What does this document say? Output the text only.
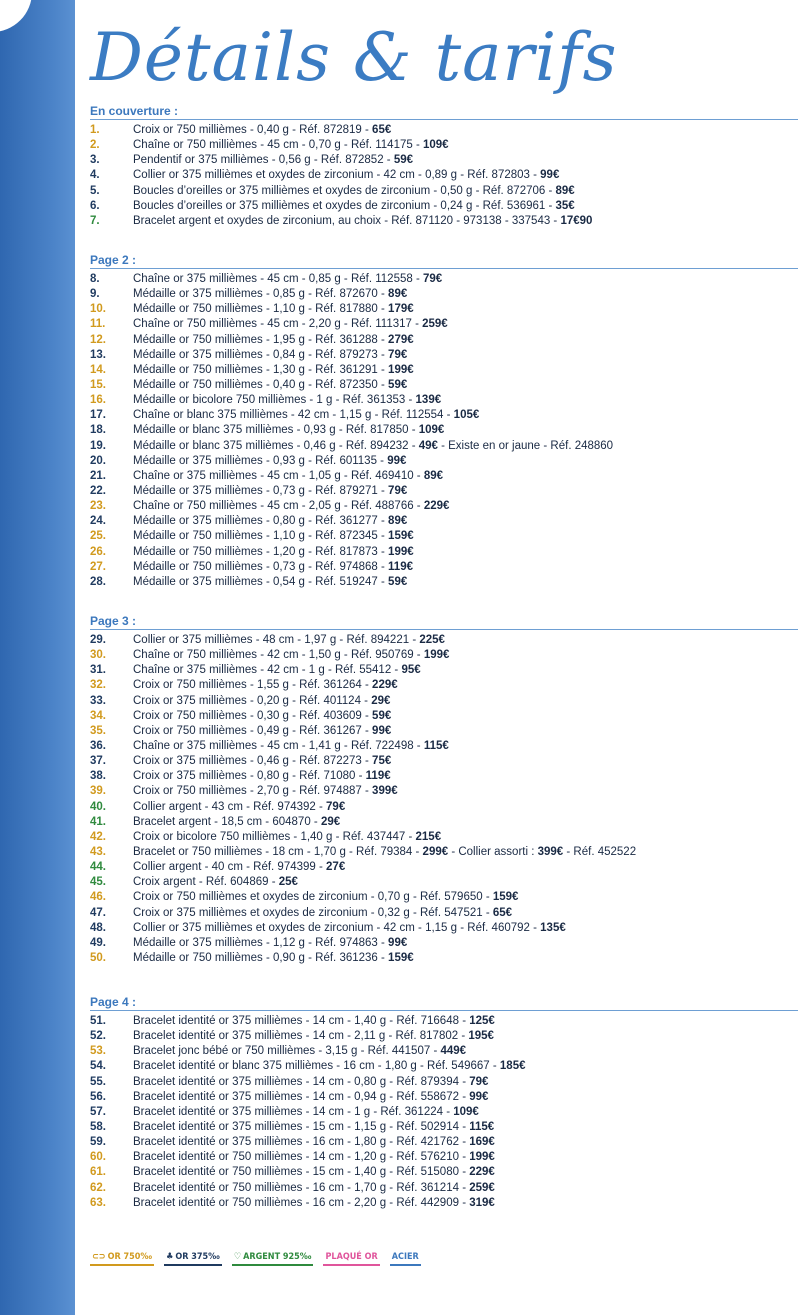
Détails & tarifs
En couverture :
1.	Croix or 750 millièmes - 0,40 g - Réf. 872819 - 65€
2.	Chaîne or 750 millièmes - 45 cm - 0,70 g - Réf. 114175 - 109€
3.	Pendentif or 375 millièmes - 0,56 g - Réf. 872852 - 59€
4.	Collier or 375 millièmes et oxydes de zirconium - 42 cm - 0,89 g - Réf. 872803 - 99€
5.	Boucles d’oreilles or 375 millièmes et oxydes de zirconium - 0,50 g - Réf. 872706 - 89€
6.	Boucles d’oreilles or 375 millièmes et oxydes de zirconium - 0,24 g - Réf. 536961 - 35€
7.	Bracelet argent et oxydes de zirconium, au choix - Réf. 871120 - 973138 - 337543 - 17€90
Page 2 :
8.	Chaîne or 375 millièmes - 45 cm - 0,85 g - Réf. 112558 - 79€
9.	Médaille or 375 millièmes - 0,85 g - Réf. 872670 - 89€
10. Médaille or 750 millièmes - 1,10 g - Réf. 817880 - 179€
11. Chaîne or 750 millièmes - 45 cm - 2,20 g - Réf. 111317 - 259€
12. Médaille or 750 millièmes - 1,95 g - Réf. 361288 - 279€
13. Médaille or 375 millièmes - 0,84 g - Réf. 879273 - 79€
14. Médaille or 750 millièmes - 1,30 g - Réf. 361291 - 199€
15. Médaille or 750 millièmes - 0,40 g - Réf. 872350 - 59€
16. Médaille or bicolore 750 millièmes - 1 g - Réf. 361353 - 139€
17. Chaîne or blanc 375 millièmes - 42 cm - 1,15 g - Réf. 112554 - 105€
18. Médaille or blanc 375 millièmes - 0,93 g - Réf. 817850 - 109€
19. Médaille or blanc 375 millièmes - 0,46 g - Réf. 894232 - 49€ - Existe en or jaune - Réf. 248860
20. Médaille or 375 millièmes - 0,93 g - Réf. 601135 - 99€
21. Chaîne or 375 millièmes - 45 cm - 1,05 g - Réf. 469410 - 89€
22. Médaille or 375 millièmes - 0,73 g - Réf. 879271 - 79€
23. Chaîne or 750 millièmes - 45 cm - 2,05 g - Réf. 488766 - 229€
24. Médaille or 375 millièmes - 0,80 g - Réf. 361277 - 89€
25. Médaille or 750 millièmes - 1,10 g - Réf. 872345 - 159€
26. Médaille or 750 millièmes - 1,20 g - Réf. 817873 - 199€
27. Médaille or 750 millièmes - 0,73 g - Réf. 974868 - 119€
28. Médaille or 375 millièmes - 0,54 g - Réf. 519247 - 59€
Page 3 :
29. Collier or 375 millièmes - 48 cm - 1,97 g - Réf. 894221 - 225€
30. Chaîne or 750 millièmes - 42 cm - 1,50 g - Réf. 950769 - 199€
31. Chaîne or 375 millièmes - 42 cm - 1 g - Réf. 55412 - 95€
32. Croix or 750 millièmes - 1,55 g - Réf. 361264 - 229€
33. Croix or 375 millièmes - 0,20 g - Réf. 401124 - 29€
34. Croix or 750 millièmes - 0,30 g - Réf. 403609 - 59€
35. Croix or 750 millièmes - 0,49 g - Réf. 361267 - 99€
36. Chaîne or 375 millièmes - 45 cm - 1,41 g - Réf. 722498 - 115€
37. Croix or 375 millièmes - 0,46 g - Réf. 872273 - 75€
38. Croix or 375 millièmes - 0,80 g - Réf. 71080 - 119€
39. Croix or 750 millièmes - 2,70 g - Réf. 974887 - 399€
40. Collier argent - 43 cm - Réf. 974392 - 79€
41. Bracelet argent - 18,5 cm - 604870 - 29€
42. Croix or bicolore 750 millièmes - 1,40 g - Réf. 437447 - 215€
43. Bracelet or 750 millièmes - 18 cm - 1,70 g - Réf. 79384 - 299€ - Collier assorti : 399€ - Réf. 452522
44. Collier argent - 40 cm - Réf. 974399 - 27€
45. Croix argent - Réf. 604869 - 25€
46. Croix or 750 millièmes et oxydes de zirconium - 0,70 g - Réf. 579650 - 159€
47. Croix or 375 millièmes et oxydes de zirconium - 0,32 g - Réf. 547521 - 65€
48. Collier or 375 millièmes et oxydes de zirconium - 42 cm - 1,15 g - Réf. 460792 - 135€
49. Médaille or 375 millièmes - 1,12 g - Réf. 974863 - 99€
50. Médaille or 750 millièmes - 0,90 g - Réf. 361236 - 159€
Page 4 :
51. Bracelet identité or 375 millièmes - 14 cm - 1,40 g - Réf. 716648 - 125€
52. Bracelet identité or 375 millièmes - 14 cm - 2,11 g - Réf. 817802 - 195€
53. Bracelet jonc bébé or 750 millièmes - 3,15 g - Réf. 441507 - 449€
54. Bracelet identité or blanc 375 millièmes - 16 cm - 1,80 g - Réf. 549667 - 185€
55. Bracelet identité or 375 millièmes - 14 cm - 0,80 g - Réf. 879394 - 79€
56. Bracelet identité or 375 millièmes - 14 cm - 0,94 g - Réf. 558672 - 99€
57. Bracelet identité or 375 millièmes - 14 cm - 1 g - Réf. 361224 - 109€
58. Bracelet identité or 375 millièmes - 15 cm - 1,15 g - Réf. 502914 - 115€
59. Bracelet identité or 375 millièmes - 16 cm - 1,80 g - Réf. 421762 - 169€
60. Bracelet identité or 750 millièmes - 14 cm - 1,20 g - Réf. 576210 - 199€
61. Bracelet identité or 750 millièmes - 15 cm - 1,40 g - Réf. 515080 - 229€
62. Bracelet identité or 750 millièmes - 16 cm - 1,70 g - Réf. 361214 - 259€
63. Bracelet identité or 750 millièmes - 16 cm - 2,20 g - Réf. 442909 - 319€
⊂⊃ OR 750‰ ♣ OR 375‰ ♡ ARGENT 925‰ PLAQUÉ OR ACIER
